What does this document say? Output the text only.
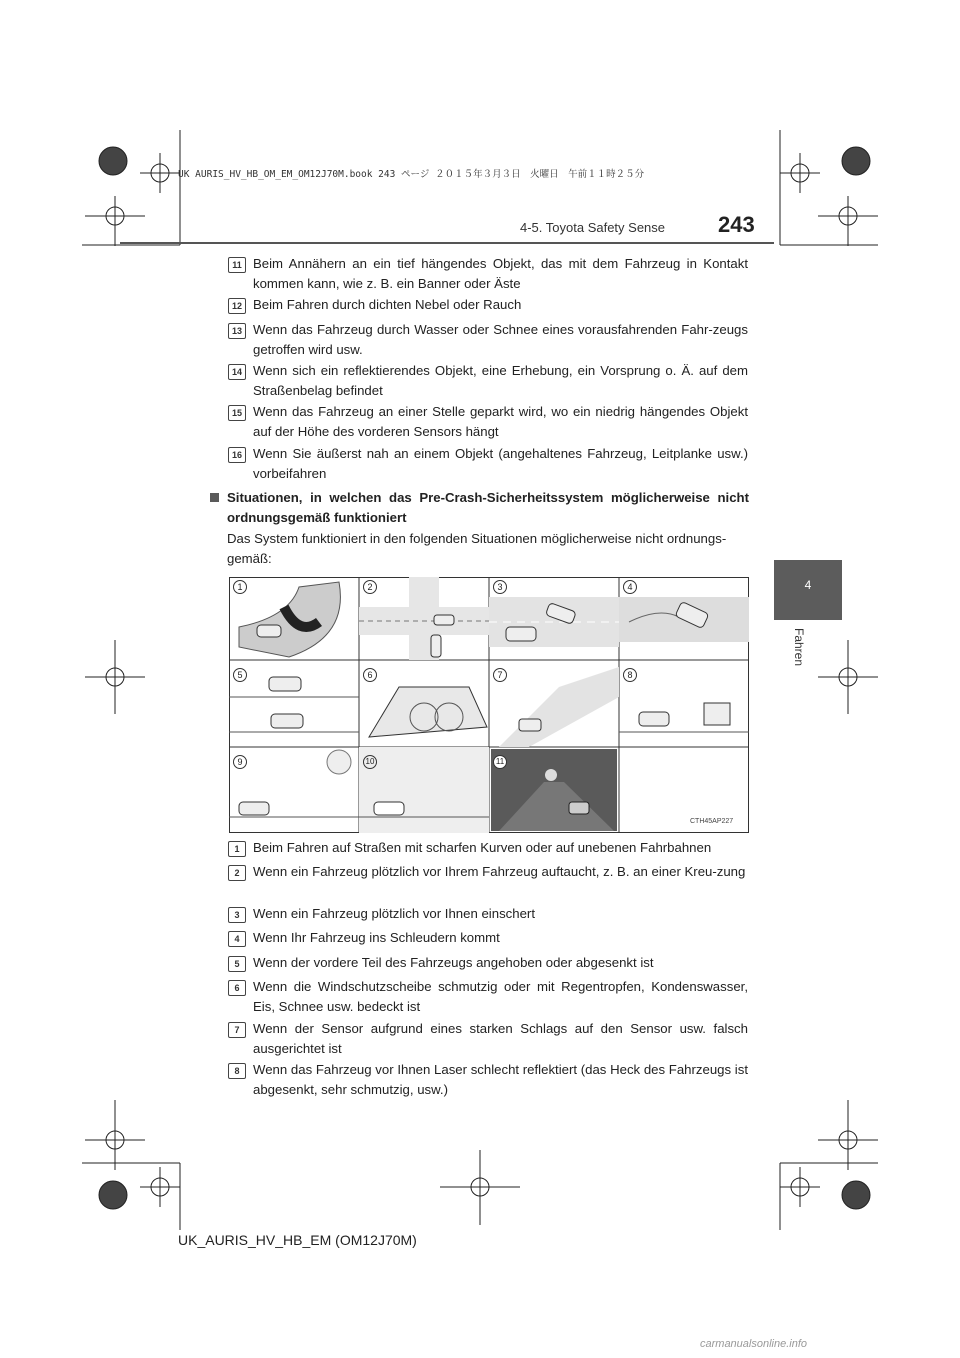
UK AURIS_HV_HB_OM_EM_OM12J70M.book 243 ページ ２０１５年３月３日　火曜日　午前１１時２５分
243
4-5. Toyota Safety Sense
4
Fahren
11 Beim Annähern an ein tief hängendes Objekt, das mit dem Fahrzeug in Kontakt kommen kann, wie z. B. ein Banner oder Äste
12 Beim Fahren durch dichten Nebel oder Rauch
13 Wenn das Fahrzeug durch Wasser oder Schnee eines vorausfahrenden Fahr-zeugs getroffen wird usw.
14 Wenn sich ein reflektierendes Objekt, eine Erhebung, ein Vorsprung o. Ä. auf dem Straßenbelag befindet
15 Wenn das Fahrzeug an einer Stelle geparkt wird, wo ein niedrig hängendes Objekt auf der Höhe des vorderen Sensors hängt
16 Wenn Sie äußerst nah an einem Objekt (angehaltenes Fahrzeug, Leitplanke usw.) vorbeifahren
Situationen, in welchen das Pre-Crash-Sicherheitssystem möglicherweise nicht ordnungsgemäß funktioniert
Das System funktioniert in den folgenden Situationen möglicherweise nicht ordnungs-gemäß:
1	2	3	4
5	6	7	8
9	10	11
CTH45AP227
1	Beim Fahren auf Straßen mit scharfen Kurven oder auf unebenen Fahrbahnen
2	Wenn ein Fahrzeug plötzlich vor Ihrem Fahrzeug auftaucht, z. B. an einer Kreu-zung
3	Wenn ein Fahrzeug plötzlich vor Ihnen einschert
4	Wenn Ihr Fahrzeug ins Schleudern kommt
5	Wenn der vordere Teil des Fahrzeugs angehoben oder abgesenkt ist
6	Wenn die Windschutzscheibe schmutzig oder mit Regentropfen, Kondenswasser, Eis, Schnee usw. bedeckt ist
7	Wenn der Sensor aufgrund eines starken Schlags auf den Sensor usw. falsch ausgerichtet ist
8	Wenn das Fahrzeug vor Ihnen Laser schlecht reflektiert (das Heck des Fahrzeugs ist abgesenkt, sehr schmutzig, usw.)
UK_AURIS_HV_HB_EM (OM12J70M)
carmanualsonline.info
